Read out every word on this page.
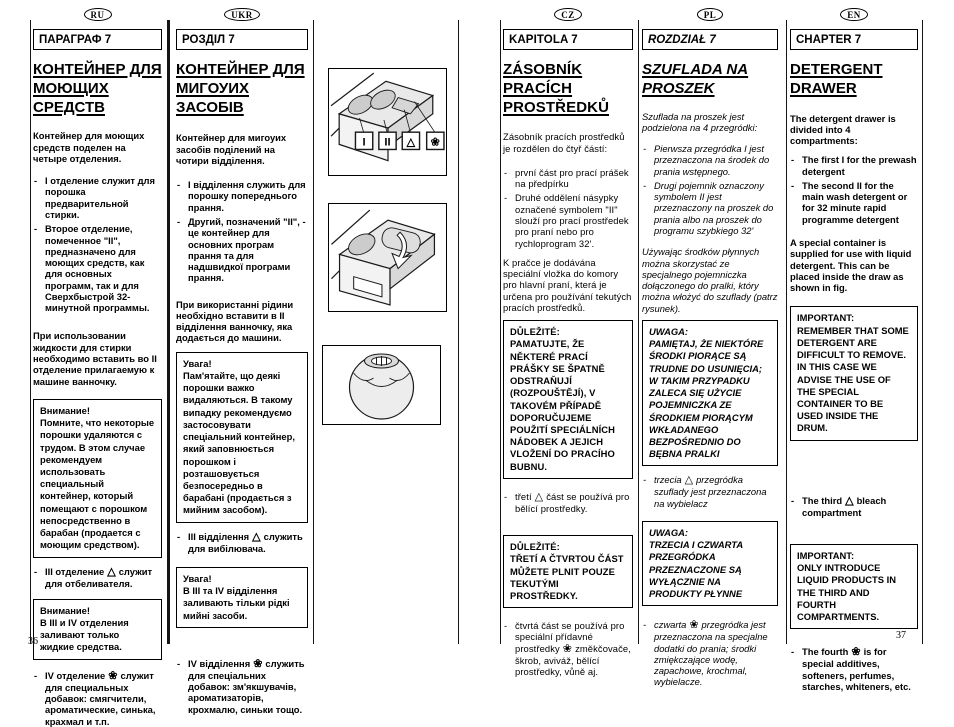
RU
ПАРАГРАФ 7
КОНТЕЙНЕР ДЛЯ МОЮЩИХ СРЕДСТВ
Контейнер для моющих средств поделен на четыре отделения.
- I отделение служит для порошка предварительной стирки.
- Второе отделение, помеченное "II", предназначено для моющих средств, как для основных программ, так и для Сверхбыстрой 32- минутной программы.
При использовании жидкости для стирки необходимо вставить во II отделение прилагаемую к машине ванночку.
Внимание!
Помните, что некоторые порошки удаляются с трудом. В этом случае рекомендуем использовать специальный контейнер, который помещают с порошком непосредственно в барабан (продается с моющим средством).
- III отделение △ служит для отбеливателя.
Внимание!
В III и IV отделения заливают только жидкие средства.
- IV отделение ❀ служит для специальных добавок: смягчители, ароматические, синька, крахмал и т.п.
UKR
РОЗДІЛ 7
КОНТЕЙНЕР ДЛЯ МИГОУИХ ЗАСОБІВ
Контейнер для мигоуих засобів поділений на чотири відділення.
- І відділення служить для порошку попереднього прання.
- Другий, позначений "ІІ", - це контейнер для основних програм прання та для надшвидкої програми прання.
При використанні рідини необхідно вставити в ІІ відділення ванночку, яка додається до машини.
Увага!
Пам'ятайте, що деякі порошки важко видаляються. В такому випадку рекомендуємо застосовувати спеціальний контейнер, який заповнюється порошком і розташовується безпосередньо в барабані (продається з мийним засобом).
- ІІІ відділення △ служить для вибілювача.
Увага!
В ІІІ та ІV відділення заливають тільки рідкі мийні засоби.
- ІV відділення ❀ служить для спеціальних добавок: зм'якшувачів, ароматизаторів, крохмалю, синьки тощо.
I II △ ❀
CZ
KAPITOLA 7
ZÁSOBNÍK PRACÍCH PROSTŘEDKŮ
Zásobník pracích prostředků je rozdělen do čtyř částí:
- první část pro prací prášek na předpírku
- Druhé oddělení násypky označené symbolem "II" slouží pro prací prostředek pro praní nebo pro rychloprogram 32'.
K pračce je dodávána speciální vložka do komory pro hlavní praní, která je určena pro používání tekutých pracích prostředků.
DŮLEŽITÉ:
PAMATUJTE, ŽE NĚKTERÉ PRACÍ PRÁŠKY SE ŠPATNĚ ODSTRAŇUJÍ (ROZPOUŠTĚJÍ), V TAKOVÉM PŘÍPADĚ DOPORUČUJEME POUŽITÍ SPECIÁLNÍCH NÁDOBEK A JEJICH VLOŽENÍ DO PRACÍHO BUBNU.
- třetí △ část se používá pro bělící prostředky.
DŮLEŽITÉ:
TŘETÍ A ČTVRTOU ČÁST MŮŽETE PLNIT POUZE TEKUTÝMI PROSTŘEDKY.
- čtvrtá část se používá pro speciální přídavné prostředky ❀ změkčovače, škrob, aviváž, bělící prostředky, vůně aj.
PL
ROZDZIAŁ 7
SZUFLADA NA PROSZEK
Szuflada na proszek jest podzielona na 4 przegródki:
- Pierwsza przegródka I jest przeznaczona na środek do prania wstępnego.
- Drugi pojemnik oznaczony symbolem II jest przeznaczony na proszek do prania albo na proszek do programu szybkiego 32'
Używając środków płynnych można skorzystać ze specjalnego pojemniczka dołączonego do pralki, który można włożyć do szuflady (patrz rysunek).
UWAGA:
PAMIĘTAJ, ŻE NIEKTÓRE ŚRODKI PIORĄCE SĄ TRUDNE DO USUNIĘCIA; W TAKIM PRZYPADKU ZALECA SIĘ UŻYCIE POJEMNICZKA ZE ŚRODKIEM PIORĄCYM WKŁADANEGO BEZPOŚREDNIO DO BĘBNA PRALKI
- trzecia △ przegródka szuflady jest przeznaczona na wybielacz
UWAGA:
TRZECIA I CZWARTA PRZEGRÓDKA PRZEZNACZONE SĄ WYŁĄCZNIE NA PRODUKTY PŁYNNE
- czwarta ❀ przegródka jest przeznaczona na specjalne dodatki do prania; środki zmiękczające wodę, zapachowe, krochmal, wybielacze.
EN
CHAPTER 7
DETERGENT DRAWER
The detergent drawer is divided into 4 compartments:
- The first I for the prewash detergent
- The second II for the main wash detergent or for 32 minute rapid programme detergent
A special container is supplied for use with liquid detergent. This can be placed inside the draw as shown in fig.
IMPORTANT:
REMEMBER THAT SOME DETERGENT ARE DIFFICULT TO REMOVE. IN THIS CASE WE ADVISE THE USE OF THE SPECIAL CONTAINER TO BE USED INSIDE THE DRUM.
- The third △ bleach compartment
IMPORTANT:
ONLY INTRODUCE LIQUID PRODUCTS IN THE THIRD AND FOURTH COMPARTMENTS.
- The fourth ❀ is for special additives, softeners, perfumes, starches, whiteners, etc.
36
37
